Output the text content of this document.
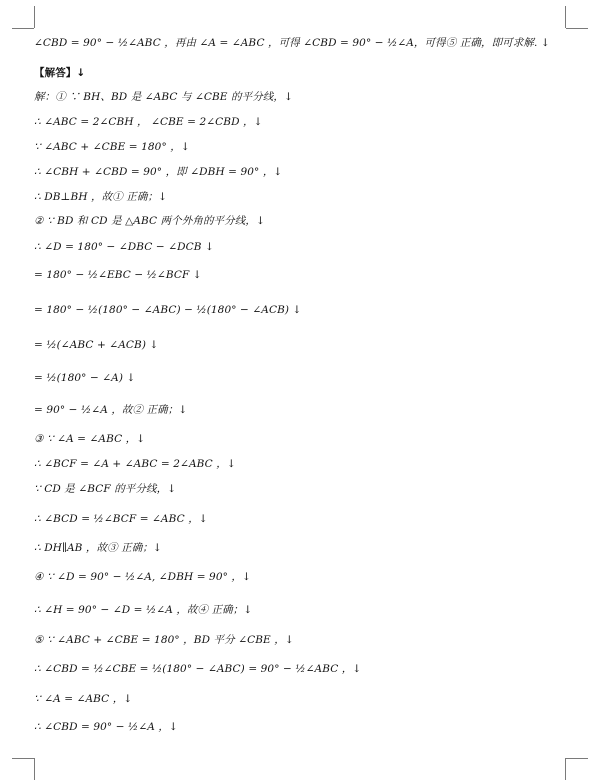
∠CBD = 90° − ½∠ABC ，再由 ∠A = ∠ABC ，可得 ∠CBD = 90° − ½∠A，可得⑤ 正确，即可求解. ↓
【解答】↓
解：① ∵ BH、BD 是 ∠ABC 与 ∠CBE 的平分线，↓
∴ ∠ABC = 2∠CBH ， ∠CBE = 2∠CBD ，↓
∵ ∠ABC + ∠CBE = 180° ，↓
∴ ∠CBH + ∠CBD = 90° ，即 ∠DBH = 90° ，↓
∴ DB⊥BH ，故① 正确；↓
② ∵ BD 和 CD 是 △ABC 两个外角的平分线，↓
∴ ∠D = 180° − ∠DBC − ∠DCB ↓
= 180° − ½∠EBC − ½∠BCF ↓
= 180° − ½(180° − ∠ABC) − ½(180° − ∠ACB) ↓
= ½(∠ABC + ∠ACB) ↓
= ½(180° − ∠A) ↓
= 90° − ½∠A ，故② 正确；↓
③ ∵ ∠A = ∠ABC ，↓
∴ ∠BCF = ∠A + ∠ABC = 2∠ABC ，↓
∵ CD 是 ∠BCF 的平分线，↓
∴ ∠BCD = ½∠BCF = ∠ABC ，↓
∴ DH∥AB ，故③ 正确；↓
④ ∵ ∠D = 90° − ½∠A, ∠DBH = 90° ，↓
∴ ∠H = 90° − ∠D = ½∠A ，故④ 正确；↓
⑤ ∵ ∠ABC + ∠CBE = 180° ，BD 平分 ∠CBE ，↓
∴ ∠CBD = ½∠CBE = ½(180° − ∠ABC) = 90° − ½∠ABC ，↓
∵ ∠A = ∠ABC ，↓
∴ ∠CBD = 90° − ½∠A ，↓
